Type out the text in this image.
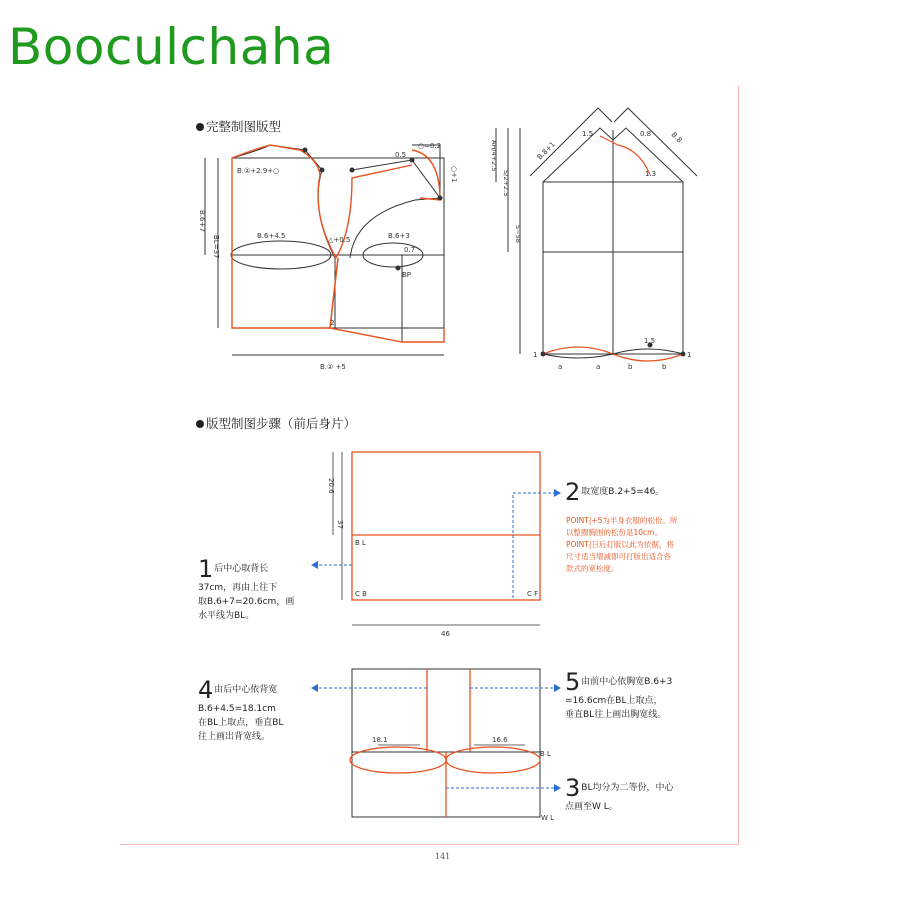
Booculchaha
完整制图版型
版型制图步骤（前后身片）
B.②+2.9+○
B.6+7
BL=37	B.6+4.5	△+0.5	B.6+3
○=0.2
○+1
0.5
0.7
BP
2
B.② +5
B.8+1
1.5	0.8	B.8
1.3
AH/4+2.5
S/2+2.5
S~58
1.5
1	1
a	a	b	b
20.6
37
B L
C B	C F
46
18.1	16.6
B L
W L
1后中心取背长
37cm，再由上往下
取B.6+7=20.6cm，画
水平线为BL。
2取宽度B.2+5=46。
POINT|+5为半身衣服的松份。所
以整圈胸围的松份是10cm。
POINT|日后打版以此为依据，将
尺寸适当增减即可打版出适合各
款式的宽松度。
4由后中心依背宽
B.6+4.5=18.1cm
在BL上取点，垂直BL
往上画出背宽线。
5由前中心依胸宽B.6+3
=16.6cm在BL上取点，
垂直BL往上画出胸宽线。
3BL均分为二等份，中心
点画至W L。
141
